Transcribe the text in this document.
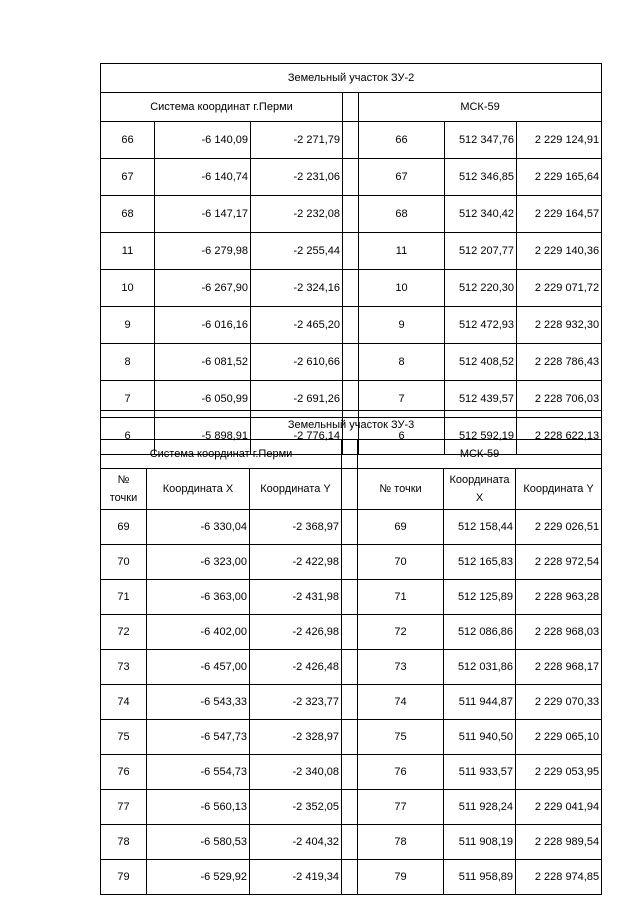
Земельный участок ЗУ-2						
Система координат г.Перми				МСК-59		
66	-6 140,09	-2 271,79		66	512 347,76	2 229 124,91
67	-6 140,74	-2 231,06		67	512 346,85	2 229 165,64
68	-6 147,17	-2 232,08		68	512 340,42	2 229 164,57
11	-6 279,98	-2 255,44		11	512 207,77	2 229 140,36
10	-6 267,90	-2 324,16		10	512 220,30	2 229 071,72
9	-6 016,16	-2 465,20		9	512 472,93	2 228 932,30
8	-6 081,52	-2 610,66		8	512 408,52	2 228 786,43
7	-6 050,99	-2 691,26		7	512 439,57	2 228 706,03
6	-5 898,91	-2 776,14		6	512 592,19	2 228 622,13
Земельный участок ЗУ-3						
Система координат г.Перми				МСК-59		
№ точки	Координата X	Координата Y		№ точки	Координата X	Координата Y
69	-6 330,04	-2 368,97		69	512 158,44	2 229 026,51
70	-6 323,00	-2 422,98		70	512 165,83	2 228 972,54
71	-6 363,00	-2 431,98		71	512 125,89	2 228 963,28
72	-6 402,00	-2 426,98		72	512 086,86	2 228 968,03
73	-6 457,00	-2 426,48		73	512 031,86	2 228 968,17
74	-6 543,33	-2 323,77		74	511 944,87	2 229 070,33
75	-6 547,73	-2 328,97		75	511 940,50	2 229 065,10
76	-6 554,73	-2 340,08		76	511 933,57	2 229 053,95
77	-6 560,13	-2 352,05		77	511 928,24	2 229 041,94
78	-6 580,53	-2 404,32		78	511 908,19	2 228 989,54
79	-6 529,92	-2 419,34		79	511 958,89	2 228 974,85
